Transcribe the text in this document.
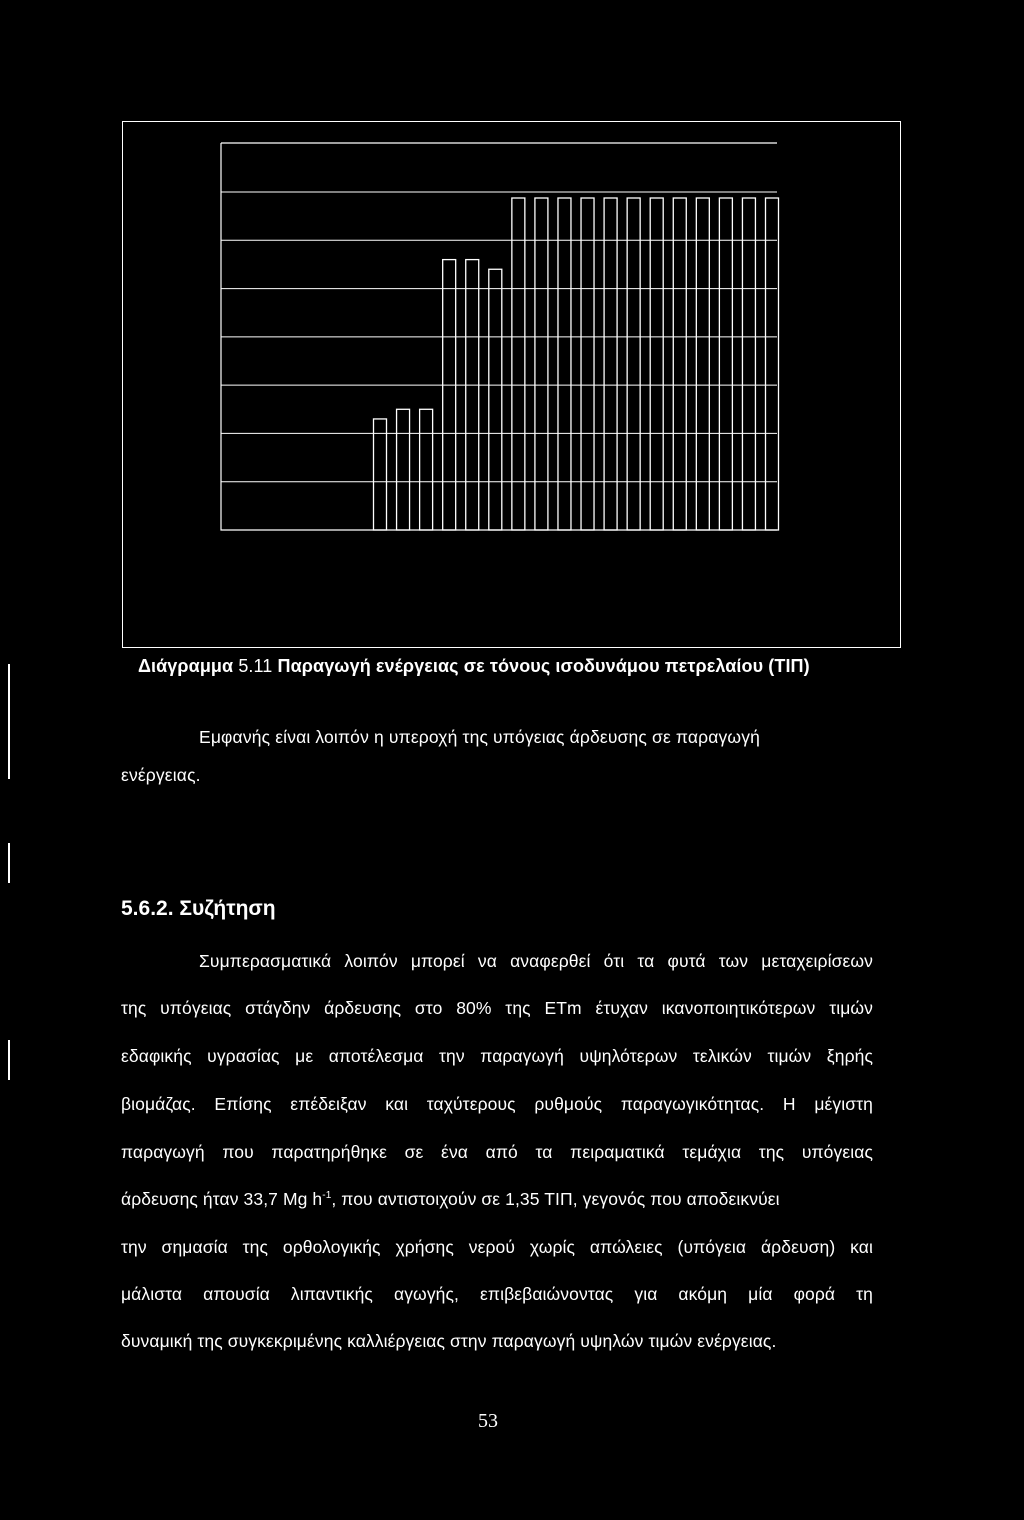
Διάγραμμα 5.11 Παραγωγή ενέργειας σε τόνους ισοδυνάμου πετρελαίου (ΤΙΠ)
Εμφανής είναι λοιπόν η υπεροχή της υπόγειας άρδευσης σε παραγωγή
ενέργειας.
5.6.2. Συζήτηση
Συμπερασματικά λοιπόν μπορεί να αναφερθεί ότι τα φυτά των μεταχειρίσεων
της υπόγειας στάγδην άρδευσης στο 80% της ETm έτυχαν ικανοποιητικότερων τιμών
εδαφικής υγρασίας με αποτέλεσμα την παραγωγή υψηλότερων τελικών τιμών ξηρής
βιομάζας. Επίσης επέδειξαν και ταχύτερους ρυθμούς παραγωγικότητας. Η μέγιστη
παραγωγή που παρατηρήθηκε σε ένα από τα πειραματικά τεμάχια της υπόγειας
άρδευσης ήταν 33,7 Mg $h^{-1}$, που αντιστοιχούν σε 1,35 ΤΙΠ, γεγονός που αποδεικνύει
την σημασία της ορθολογικής χρήσης νερού χωρίς απώλειες (υπόγεια άρδευση) και
μάλιστα απουσία λιπαντικής αγωγής, επιβεβαιώνοντας για ακόμη μία φορά τη
δυναμική της συγκεκριμένης καλλιέργειας στην παραγωγή υψηλών τιμών ενέργειας.
53
